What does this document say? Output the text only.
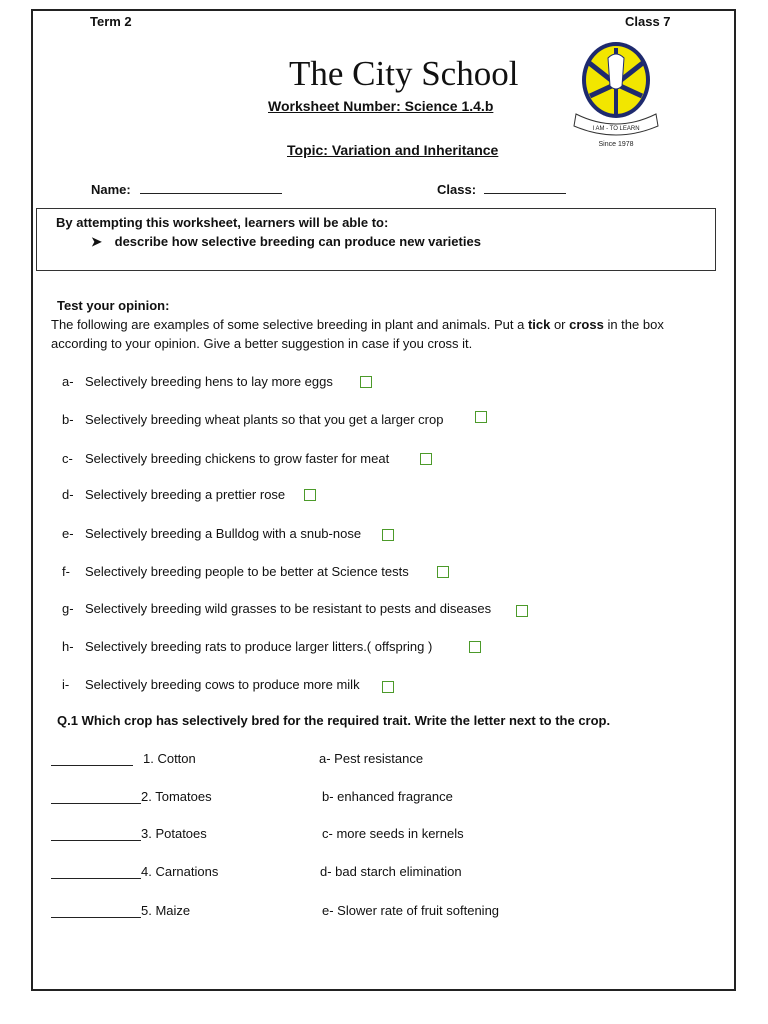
Term 2	Class 7
The City School
Worksheet Number: Science 1.4.b
Topic: Variation and Inheritance
I AM - TO LEARN
Since 1978
Name:	Class:
By attempting this worksheet, learners will be able to:
➤ describe how selective breeding can produce new varieties
Test your opinion:
The following are examples of some selective breeding in plant and animals. Put a tick or cross in the box
according to your opinion. Give a better suggestion in case if you cross it.
a- Selectively breeding hens to lay more eggs
b- Selectively breeding wheat plants so that you get a larger crop
c- Selectively breeding chickens to grow faster for meat
d- Selectively breeding a prettier rose
e- Selectively breeding a Bulldog with a snub-nose
f- Selectively breeding people to be better at Science tests
g- Selectively breeding wild grasses to be resistant to pests and diseases
h- Selectively breeding rats to produce larger litters.( offspring )
i- Selectively breeding cows to produce more milk
Q.1 Which crop has selectively bred for the required trait. Write the letter next to the crop.
1. Cotton	a- Pest resistance
2. Tomatoes	b- enhanced fragrance
3. Potatoes	c- more seeds in kernels
4. Carnations	d- bad starch elimination
5. Maize	e- Slower rate of fruit softening
